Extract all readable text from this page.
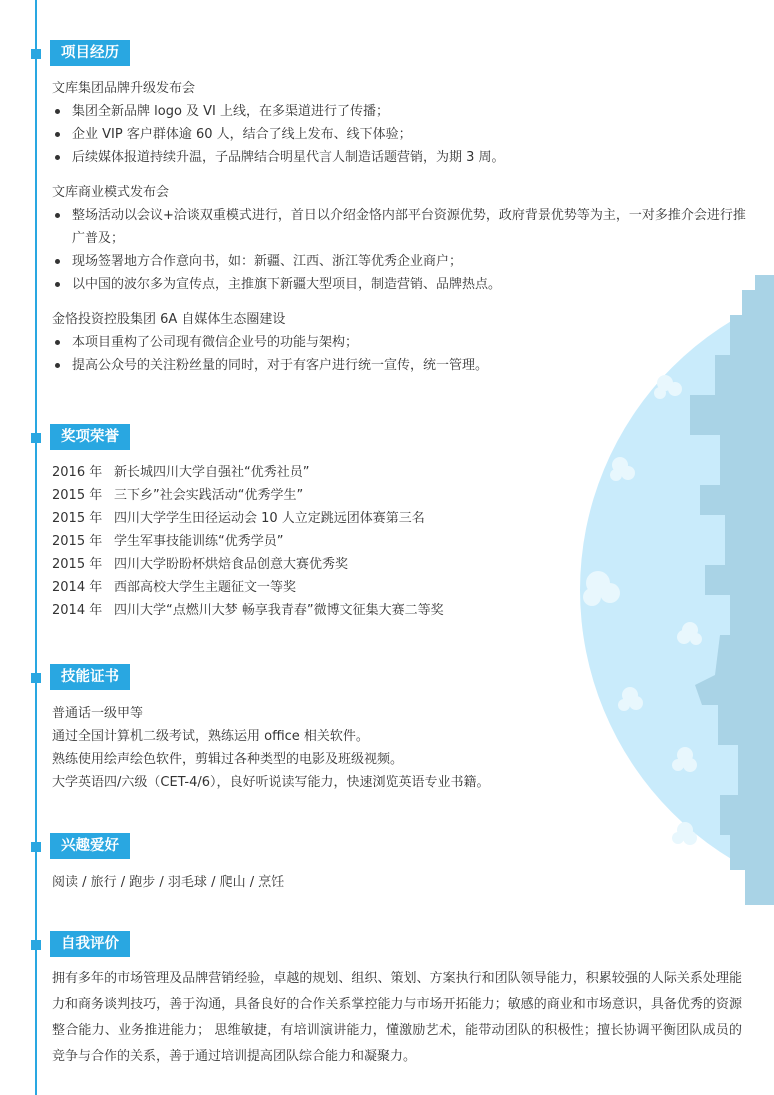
项目经历
文库集团品牌升级发布会
集团全新品牌 logo 及 VI 上线，在多渠道进行了传播；
企业 VIP 客户群体逾 60 人，结合了线上发布、线下体验；
后续媒体报道持续升温，子品牌结合明星代言人制造话题营销，为期 3 周。
文库商业模式发布会
整场活动以会议+洽谈双重模式进行，首日以介绍金恪内部平台资源优势，政府背景优势等为主，一对多推介会进行推广普及；
现场签署地方合作意向书，如：新疆、江西、浙江等优秀企业商户；
以中国的波尔多为宣传点，主推旗下新疆大型项目，制造营销、品牌热点。
金恪投资控股集团 6A 自媒体生态圈建设
本项目重构了公司现有微信企业号的功能与架构；
提高公众号的关注粉丝量的同时，对于有客户进行统一宣传，统一管理。
奖项荣誉
2016 年 新长城四川大学自强社“优秀社员”
2015 年 三下乡”社会实践活动“优秀学生”
2015 年 四川大学学生田径运动会 10 人立定跳远团体赛第三名
2015 年 学生军事技能训练“优秀学员”
2015 年 四川大学盼盼杯烘焙食品创意大赛优秀奖
2014 年 西部高校大学生主题征文一等奖
2014 年 四川大学“点燃川大梦 畅享我青春”微博文征集大赛二等奖
技能证书
普通话一级甲等
通过全国计算机二级考试，熟练运用 office 相关软件。
熟练使用绘声绘色软件，剪辑过各种类型的电影及班级视频。
大学英语四/六级（CET-4/6），良好听说读写能力，快速浏览英语专业书籍。
兴趣爱好
阅读 / 旅行 / 跑步 / 羽毛球 / 爬山 / 烹饪
自我评价
拥有多年的市场管理及品牌营销经验，卓越的规划、组织、策划、方案执行和团队领导能力，积累较强的人际关系处理能力和商务谈判技巧，善于沟通，具备良好的合作关系掌控能力与市场开拓能力；敏感的商业和市场意识，具备优秀的资源整合能力、业务推进能力； 思维敏捷，有培训演讲能力，懂激励艺术，能带动团队的积极性；擅长协调平衡团队成员的竞争与合作的关系，善于通过培训提高团队综合能力和凝聚力。
